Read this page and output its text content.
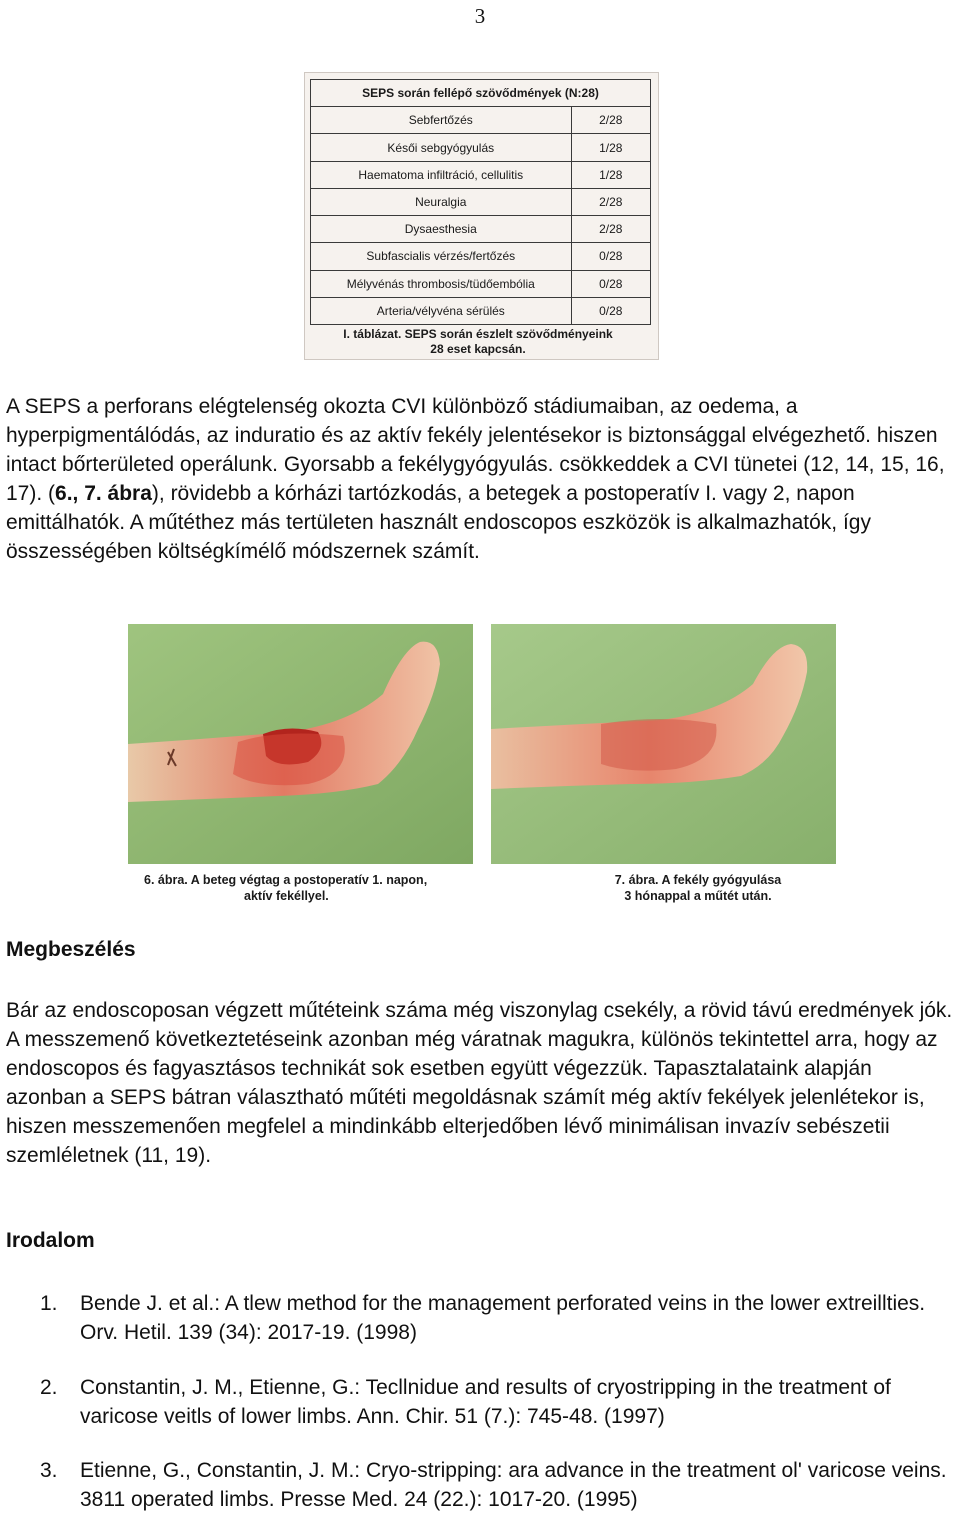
3
SEPS során fellépő szövődmények (N:28)	
Sebfertőzés	2/28
Késői sebgyógyulás	1/28
Haematoma infiltráció, cellulitis	1/28
Neuralgia	2/28
Dysaesthesia	2/28
Subfascialis vérzés/fertőzés	0/28
Mélyvénás thrombosis/tüdőembólia	0/28
Arteria/vélyvéna sérülés	0/28
I. táblázat. SEPS során észlelt szövődményeink
28 eset kapcsán.

A SEPS a perforans elégtelenség okozta CVI különböző stádiumaiban, az oedema, a hyperpigmentálódás, az induratio és az aktív fekély jelentésekor is biztonsággal elvégezhető. hiszen intact bőrterületed operálunk. Gyorsabb a fekélygyógyulás. csökkeddek a CVI tünetei (12, 14, 15, 16, 17). (6., 7. ábra), rövidebb a kórházi tartózkodás, a betegek a postoperatív I. vagy 2, napon emittálhatók. A műtéthez más tertületen használt endoscopos eszközök is alkalmazhatók, így összességében költségkímélő módszernek számít.

6. ábra. A beteg végtag a postoperatív 1. napon,
aktív fekéllyel.
7. ábra. A fekély gyógyulása
3 hónappal a műtét után.
Megbeszélés

Bár az endoscoposan végzett műtéteink száma még viszonylag csekély, a rövid távú eredmények jók. A messzemenő következtetéseink azonban még váratnak magukra, különös tekintettel arra, hogy az endoscopos és fagyasztásos technikát sok esetben együtt végezzük. Tapasztalataink alapján azonban a SEPS bátran választható műtéti megoldásnak számít még aktív fekélyek jelenlétekor is, hiszen messzemenően megfelel a mindinkább elterjedőben lévő minimálisan invazív sebészetii szemléletnek (11, 19).

Irodalom
1. Bende J. et al.: A tlew method for the management perforated veins in the lower extreillties. Orv. Hetil. 139 (34): 2017-19. (1998)
2. Constantin, J. M., Etienne, G.: Tecllnidue and results of cryostripping in the treatment of varicose veitls of lower limbs. Ann. Chir. 51 (7.): 745-48. (1997)
3. Etienne, G., Constantin, J. M.: Cryo-stripping: ara advance in the treatment ol' varicose veins. 3811 operated limbs. Presse Med. 24 (22.): 1017-20. (1995)
